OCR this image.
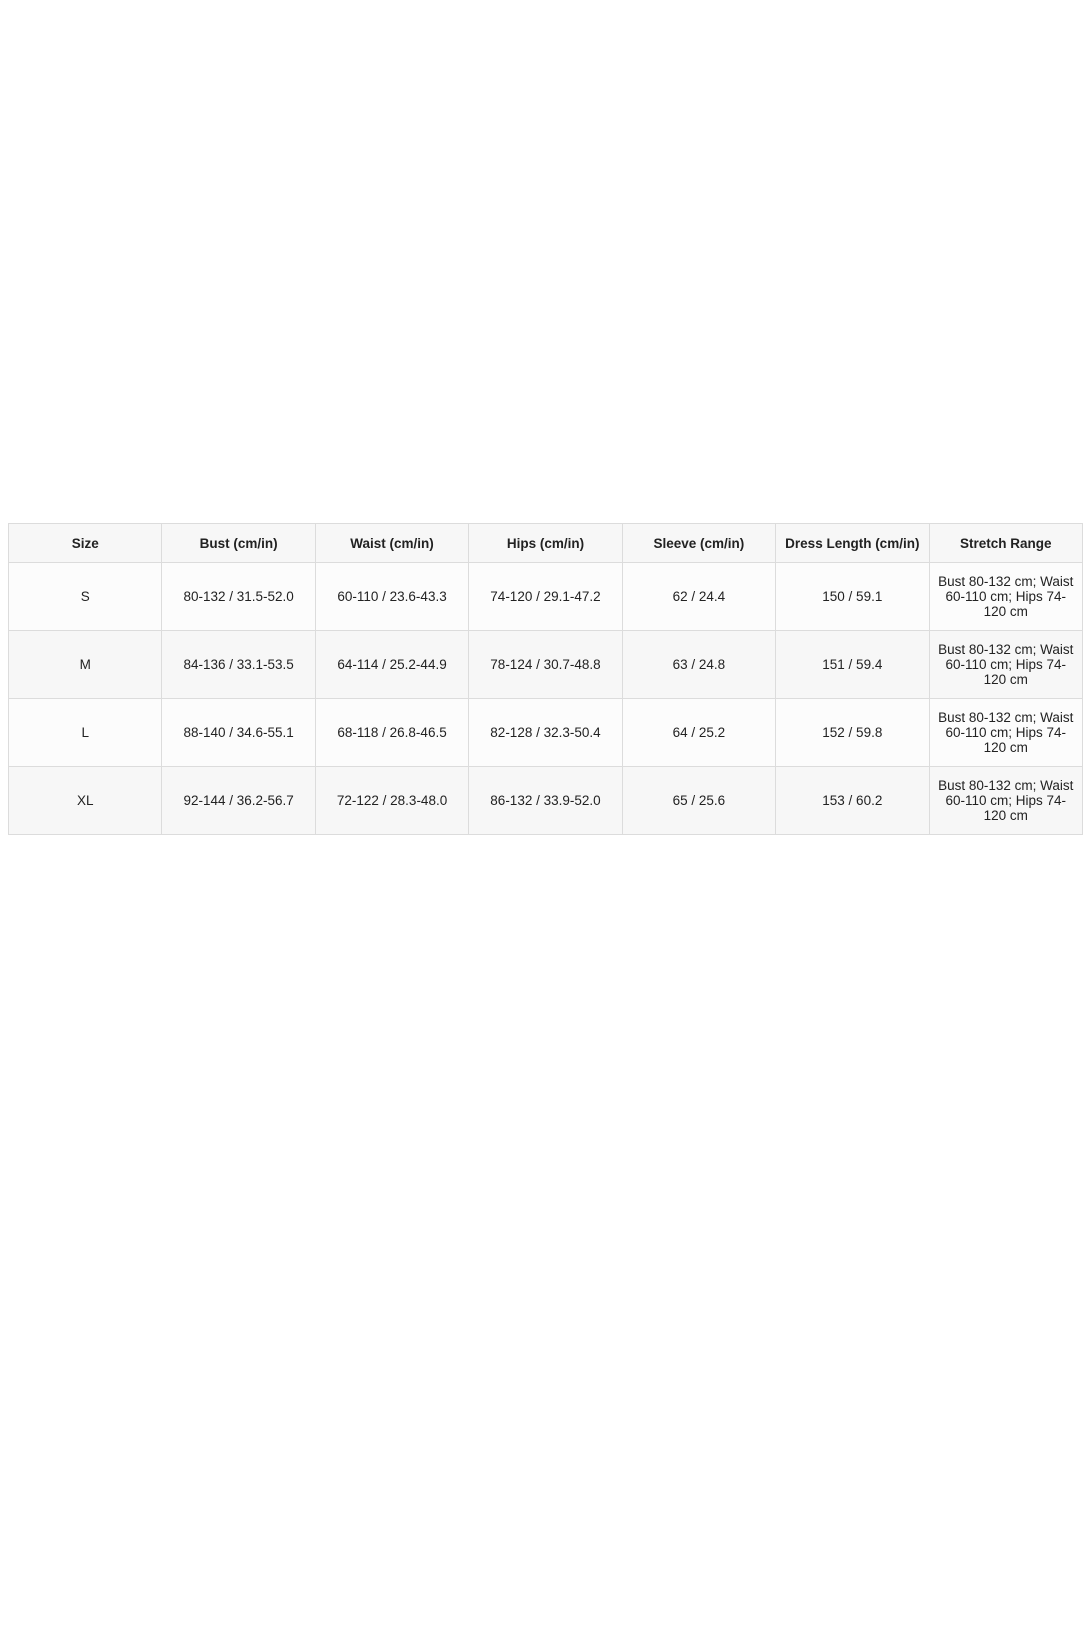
Size	Bust (cm/in)	Waist (cm/in)	Hips (cm/in)	Sleeve (cm/in)	Dress Length (cm/in)	Stretch Range
S	80-132 / 31.5-52.0	60-110 / 23.6-43.3	74-120 / 29.1-47.2	62 / 24.4	150 / 59.1	Bust 80-132 cm; Waist 60-110 cm; Hips 74-120 cm
M	84-136 / 33.1-53.5	64-114 / 25.2-44.9	78-124 / 30.7-48.8	63 / 24.8	151 / 59.4	Bust 80-132 cm; Waist 60-110 cm; Hips 74-120 cm
L	88-140 / 34.6-55.1	68-118 / 26.8-46.5	82-128 / 32.3-50.4	64 / 25.2	152 / 59.8	Bust 80-132 cm; Waist 60-110 cm; Hips 74-120 cm
XL	92-144 / 36.2-56.7	72-122 / 28.3-48.0	86-132 / 33.9-52.0	65 / 25.6	153 / 60.2	Bust 80-132 cm; Waist 60-110 cm; Hips 74-120 cm
